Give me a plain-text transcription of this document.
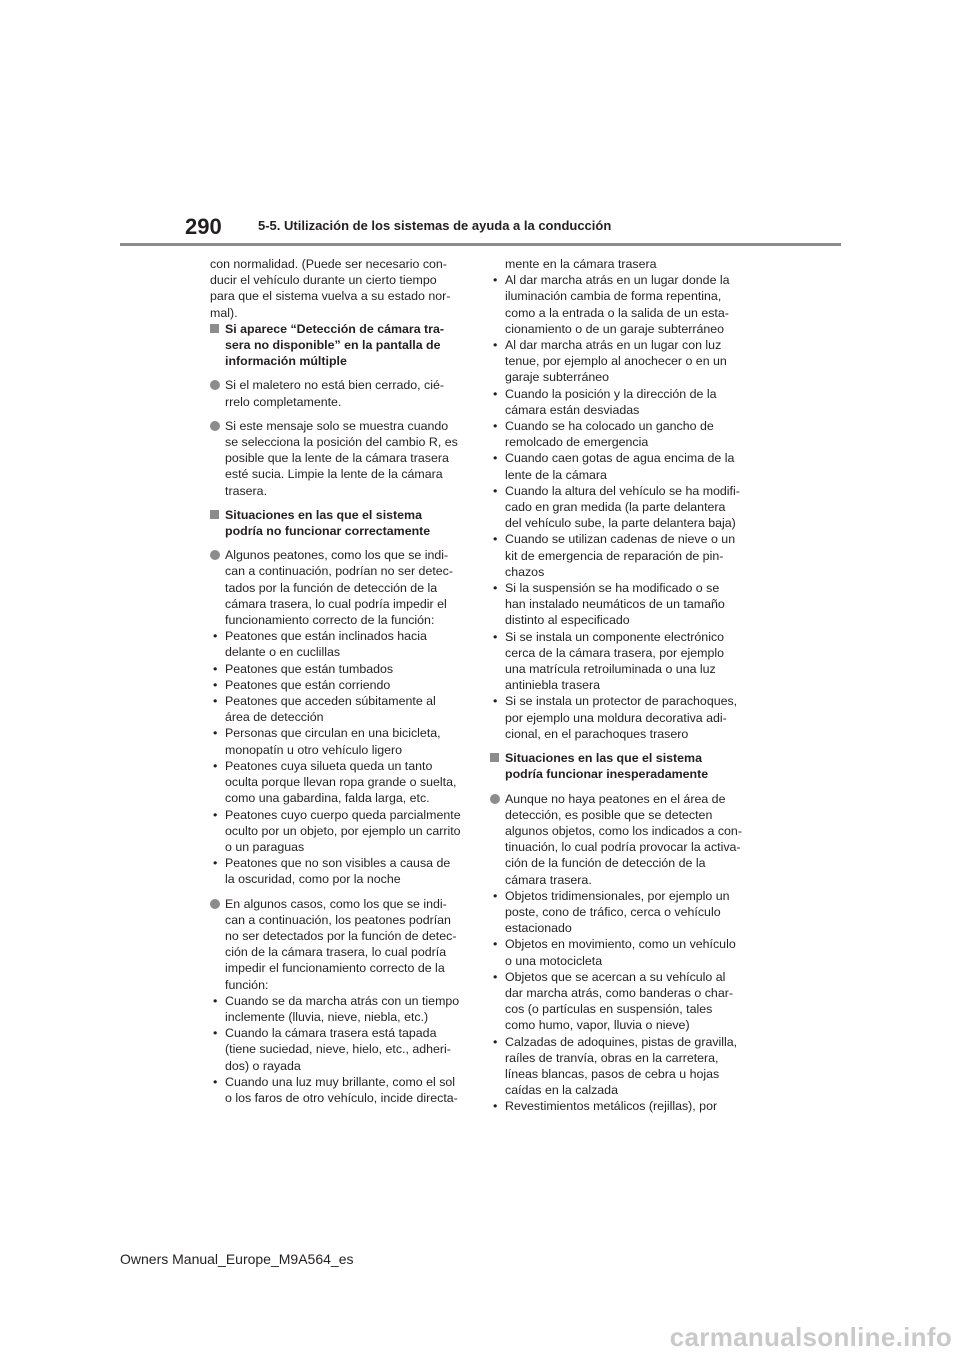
290	5-5. Utilización de los sistemas de ayuda a la conducción

con normalidad. (Puede ser necesario con-ducir el vehículo durante un cierto tiempo para que el sistema vuelva a su estado nor-mal).

Si aparece “Detección de cámara tra-sera no disponible” en la pantalla de información múltiple
Si el maletero no está bien cerrado, cié-rrelo completamente.
Si este mensaje solo se muestra cuando se selecciona la posición del cambio R, es posible que la lente de la cámara trasera esté sucia. Limpie la lente de la cámara trasera.
Situaciones en las que el sistema podría no funcionar correctamente
Algunos peatones, como los que se indi-can a continuación, podrían no ser detec-tados por la función de detección de la cámara trasera, lo cual podría impedir el funcionamiento correcto de la función:
• Peatones que están inclinados hacia delante o en cuclillas
• Peatones que están tumbados
• Peatones que están corriendo
• Peatones que acceden súbitamente al área de detección
• Personas que circulan en una bicicleta, monopatín u otro vehículo ligero
• Peatones cuya silueta queda un tanto oculta porque llevan ropa grande o suelta, como una gabardina, falda larga, etc.
• Peatones cuyo cuerpo queda parcialmente oculto por un objeto, por ejemplo un carrito o un paraguas
• Peatones que no son visibles a causa de la oscuridad, como por la noche
En algunos casos, como los que se indi-can a continuación, los peatones podrían no ser detectados por la función de detec-ción de la cámara trasera, lo cual podría impedir el funcionamiento correcto de la función:
• Cuando se da marcha atrás con un tiempo inclemente (lluvia, nieve, niebla, etc.)
• Cuando la cámara trasera está tapada (tiene suciedad, nieve, hielo, etc., adheri-dos) o rayada
• Cuando una luz muy brillante, como el sol o los faros de otro vehículo, incide directa-
mente en la cámara trasera
• Al dar marcha atrás en un lugar donde la iluminación cambia de forma repentina, como a la entrada o la salida de un esta-cionamiento o de un garaje subterráneo
• Al dar marcha atrás en un lugar con luz tenue, por ejemplo al anochecer o en un garaje subterráneo
• Cuando la posición y la dirección de la cámara están desviadas
• Cuando se ha colocado un gancho de remolcado de emergencia
• Cuando caen gotas de agua encima de la lente de la cámara
• Cuando la altura del vehículo se ha modifi-cado en gran medida (la parte delantera del vehículo sube, la parte delantera baja)
• Cuando se utilizan cadenas de nieve o un kit de emergencia de reparación de pin-chazos
• Si la suspensión se ha modificado o se han instalado neumáticos de un tamaño distinto al especificado
• Si se instala un componente electrónico cerca de la cámara trasera, por ejemplo una matrícula retroiluminada o una luz antiniebla trasera
• Si se instala un protector de parachoques, por ejemplo una moldura decorativa adi-cional, en el parachoques trasero
Situaciones en las que el sistema podría funcionar inesperadamente
Aunque no haya peatones en el área de detección, es posible que se detecten algunos objetos, como los indicados a con-tinuación, lo cual podría provocar la activa-ción de la función de detección de la cámara trasera.
• Objetos tridimensionales, por ejemplo un poste, cono de tráfico, cerca o vehículo estacionado
• Objetos en movimiento, como un vehículo o una motocicleta
• Objetos que se acercan a su vehículo al dar marcha atrás, como banderas o char-cos (o partículas en suspensión, tales como humo, vapor, lluvia o nieve)
• Calzadas de adoquines, pistas de gravilla, raíles de tranvía, obras en la carretera, líneas blancas, pasos de cebra u hojas caídas en la calzada
• Revestimientos metálicos (rejillas), por
Owners Manual_Europe_M9A564_es
carmanualsonline.info
